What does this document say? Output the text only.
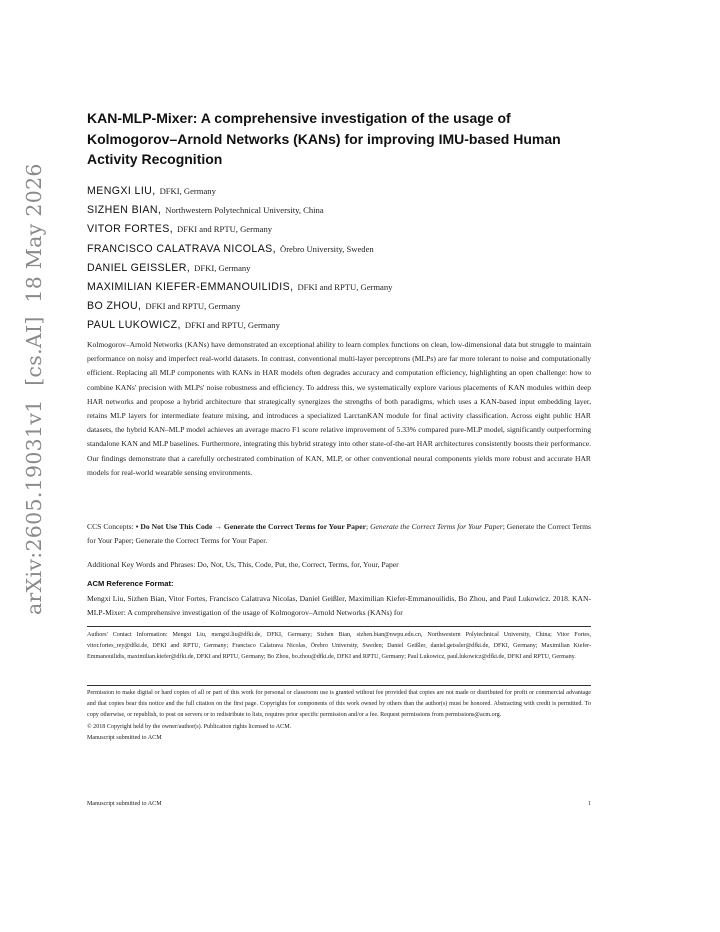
arXiv:2605.19031v1  [cs.AI]  18 May 2026
KAN-MLP-Mixer: A comprehensive investigation of the usage of Kolmogorov–Arnold Networks (KANs) for improving IMU-based Human Activity Recognition
MENGXI LIU, DFKI, Germany
SIZHEN BIAN, Northwestern Polytechnical University, China
VITOR FORTES, DFKI and RPTU, Germany
FRANCISCO CALATRAVA NICOLAS, Örebro University, Sweden
DANIEL GEISSLER, DFKI, Germany
MAXIMILIAN KIEFER-EMMANOUILIDIS, DFKI and RPTU, Germany
BO ZHOU, DFKI and RPTU, Germany
PAUL LUKOWICZ, DFKI and RPTU, Germany
Kolmogorov–Arnold Networks (KANs) have demonstrated an exceptional ability to learn complex functions on clean, low-dimensional data but struggle to maintain performance on noisy and imperfect real-world datasets. In contrast, conventional multi-layer perceptrons (MLPs) are far more tolerant to noise and computationally efficient. Replacing all MLP components with KANs in HAR models often degrades accuracy and computation efficiency, highlighting an open challenge: how to combine KANs' precision with MLPs' noise robustness and efficiency. To address this, we systematically explore various placements of KAN modules within deep HAR networks and propose a hybrid architecture that strategically synergizes the strengths of both paradigms, which uses a KAN-based input embedding layer, retains MLP layers for intermediate feature mixing, and introduces a specialized LarctanKAN module for final activity classification. Across eight public HAR datasets, the hybrid KAN–MLP model achieves an average macro F1 score relative improvement of 5.33% compared pure-MLP model, significantly outperforming standalone KAN and MLP baselines. Furthermore, integrating this hybrid strategy into other state-of-the-art HAR architectures consistently boosts their performance. Our findings demonstrate that a carefully orchestrated combination of KAN, MLP, or other conventional neural components yields more robust and accurate HAR models for real-world wearable sensing environments.
CCS Concepts: • Do Not Use This Code → Generate the Correct Terms for Your Paper; Generate the Correct Terms for Your Paper; Generate the Correct Terms for Your Paper; Generate the Correct Terms for Your Paper.
Additional Key Words and Phrases: Do, Not, Us, This, Code, Put, the, Correct, Terms, for, Your, Paper
ACM Reference Format:
Mengxi Liu, Sizhen Bian, Vitor Fortes, Francisco Calatrava Nicolas, Daniel Geißler, Maximilian Kiefer-Emmanouilidis, Bo Zhou, and Paul Lukowicz. 2018. KAN-MLP-Mixer: A comprehensive investigation of the usage of Kolmogorov–Arnold Networks (KANs) for
Authors' Contact Information: Mengxi Liu, mengxi.liu@dfki.de, DFKI, Germany; Sizhen Bian, sizhen.bian@nwpu.edu.cn, Northwestern Polytechnical University, China; Vitor Fortes, vitor.fortes_rey@dfki.de, DFKI and RPTU, Germany; Francisco Calatrava Nicolas, Örebro University, Sweden; Daniel Geißler, daniel.geissler@dfki.de, DFKI, Germany; Maximilian Kiefer-Emmanouilidis, maximilian.kiefer@dfki.de, DFKI and RPTU, Germany; Bo Zhou, bo.zhou@dfki.de, DFKI and RPTU, Germany; Paul Lukowicz, paul.lukowicz@dfki.de, DFKI and RPTU, Germany.
Permission to make digital or hard copies of all or part of this work for personal or classroom use is granted without fee provided that copies are not made or distributed for profit or commercial advantage and that copies bear this notice and the full citation on the first page. Copyrights for components of this work owned by others than the author(s) must be honored. Abstracting with credit is permitted. To copy otherwise, or republish, to post on servers or to redistribute to lists, requires prior specific permission and/or a fee. Request permissions from permissions@acm.org.
© 2018 Copyright held by the owner/author(s). Publication rights licensed to ACM.
Manuscript submitted to ACM
Manuscript submitted to ACM	1
